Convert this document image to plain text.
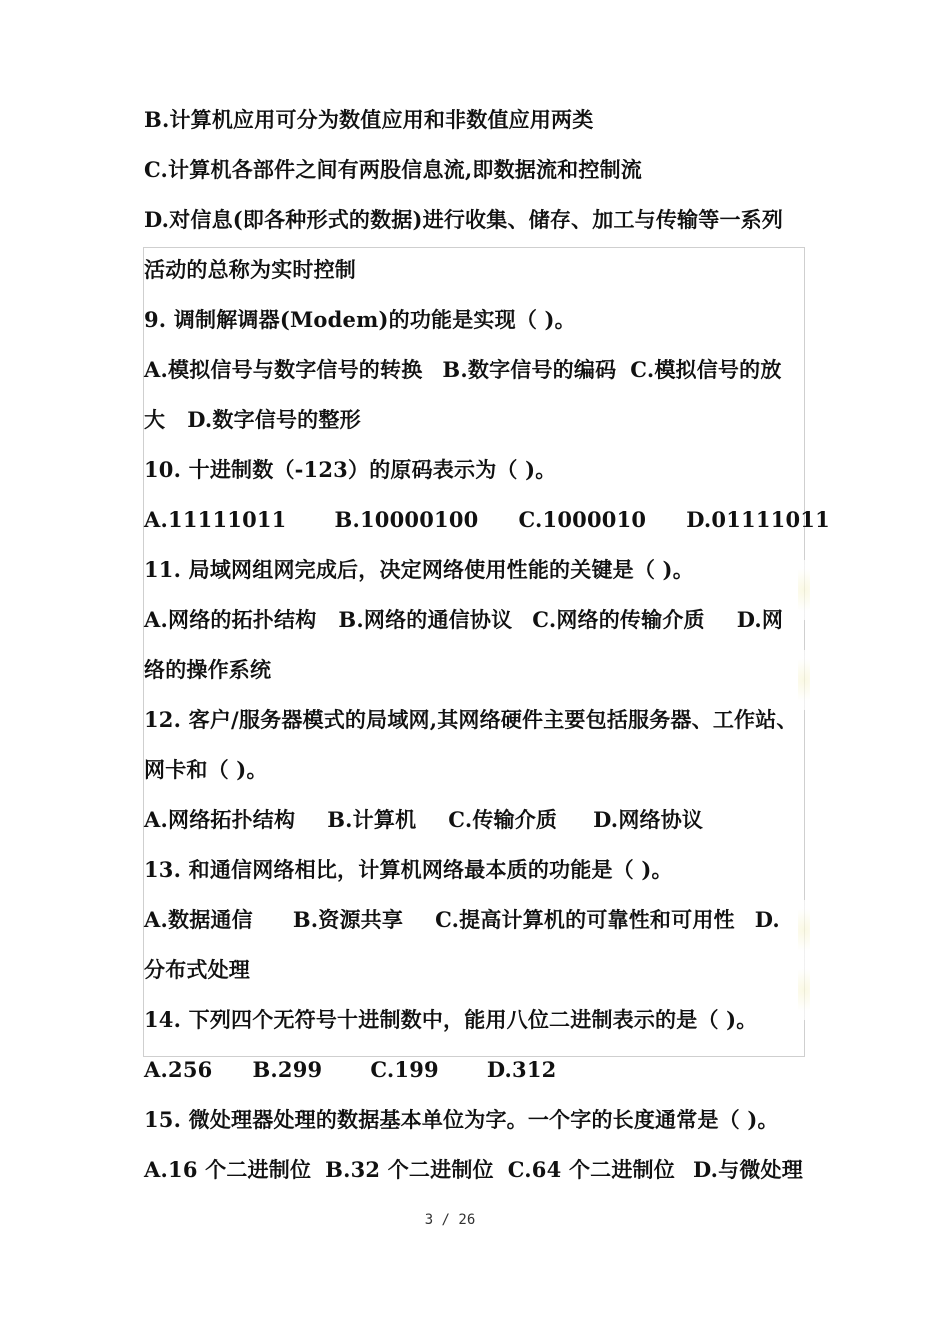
B.计算机应用可分为数值应用和非数值应用两类
C.计算机各部件之间有两股信息流,即数据流和控制流
D.对信息(即各种形式的数据)进行收集、储存、加工与传输等一系列
活动的总称为实时控制
9. 调制解调器(Modem)的功能是实现（ )。
A.模拟信号与数字信号的转换 B.数字信号的编码 C.模拟信号的放
大 D.数字信号的整形
10. 十进制数（-123）的原码表示为（ )。
A.11111011 B.10000100 C.1000010 D.01111011
11. 局域网组网完成后，决定网络使用性能的关键是（ )。
A.网络的拓扑结构 B.网络的通信协议 C.网络的传输介质 D.网
络的操作系统
12. 客户/服务器模式的局域网,其网络硬件主要包括服务器、工作站、
网卡和（ )。
A.网络拓扑结构 B.计算机 C.传输介质 D.网络协议
13. 和通信网络相比，计算机网络最本质的功能是（ )。
A.数据通信 B.资源共享 C.提高计算机的可靠性和可用性 D.
分布式处理
14. 下列四个无符号十进制数中，能用八位二进制表示的是（ )。
A.256 B.299 C.199 D.312
15. 微处理器处理的数据基本单位为字。一个字的长度通常是（ )。
A.16 个二进制位 B.32 个二进制位 C.64 个二进制位 D.与微处理
3 / 26
